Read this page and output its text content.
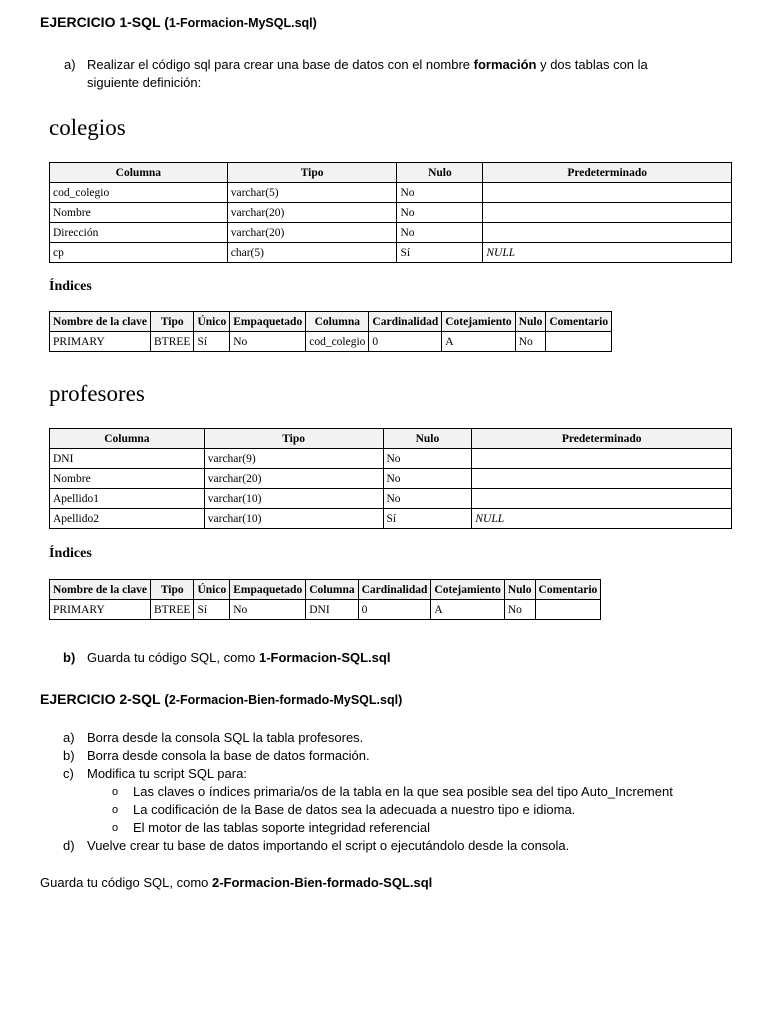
EJERCICIO 1-SQL (1-Formacion-MySQL.sql)
a) Realizar el código sql para crear una base de datos con el nombre formación y dos tablas con la
siguiente definición:
colegios
Columna	Tipo	Nulo	Predeterminado
cod_colegio	varchar(5)	No	
Nombre	varchar(20)	No	
Dirección	varchar(20)	No	
cp	char(5)	Sí	NULL
Índices
Nombre de la clave	Tipo	Único	Empaquetado	Columna	Cardinalidad	Cotejamiento	Nulo	Comentario
PRIMARY	BTREE	Sí	No	cod_colegio	0	A	No	
profesores
Columna	Tipo	Nulo	Predeterminado
DNI	varchar(9)	No	
Nombre	varchar(20)	No	
Apellido1	varchar(10)	No	
Apellido2	varchar(10)	Sí	NULL
Índices
Nombre de la clave	Tipo	Único	Empaquetado	Columna	Cardinalidad	Cotejamiento	Nulo	Comentario
PRIMARY	BTREE	Sí	No	DNI	0	A	No	
b) Guarda tu código SQL, como 1-Formacion-SQL.sql
EJERCICIO 2-SQL (2-Formacion-Bien-formado-MySQL.sql)
a) Borra desde la consola SQL la tabla profesores.
b) Borra desde consola la base de datos formación.
c) Modifica tu script SQL para:
o Las claves o índices primaria/os de la tabla en la que sea posible sea del tipo Auto_Increment
o La codificación de la Base de datos sea la adecuada a nuestro tipo e idioma.
o El motor de las tablas soporte integridad referencial
d) Vuelve crear tu base de datos importando el script o ejecutándolo desde la consola.
Guarda tu código SQL, como 2-Formacion-Bien-formado-SQL.sql
